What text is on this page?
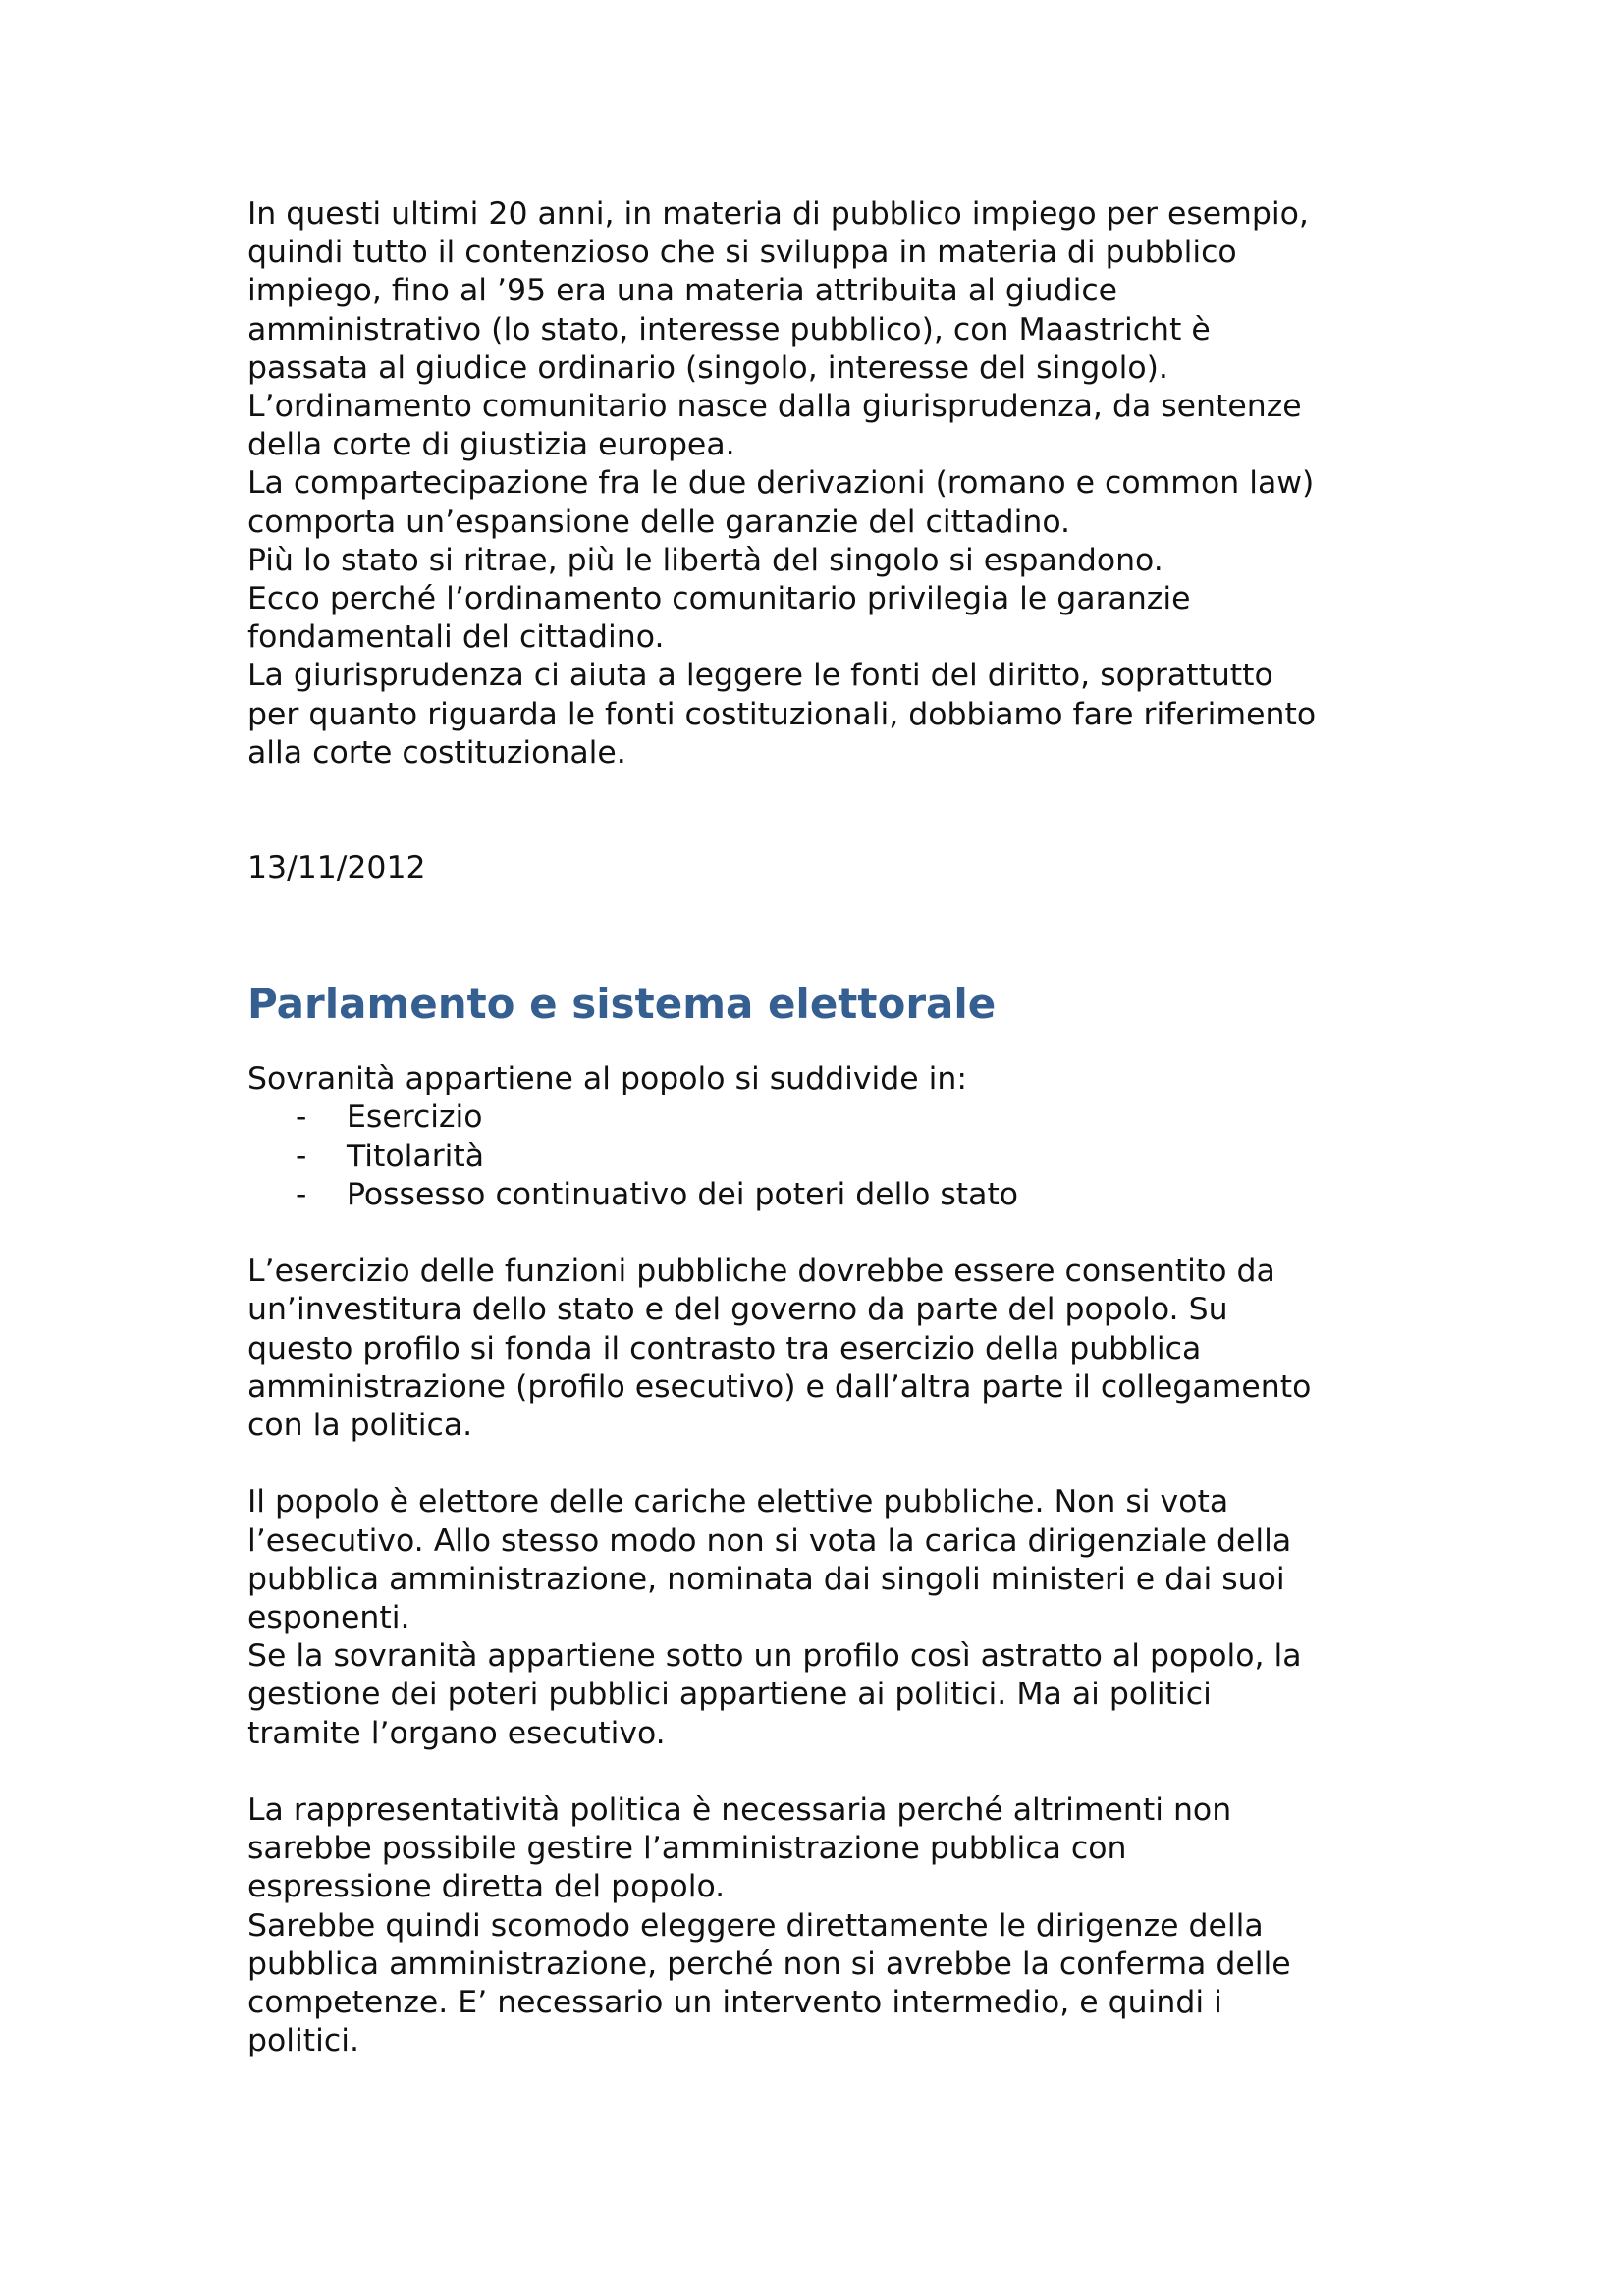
In questi ultimi 20 anni, in materia di pubblico impiego per esempio,
quindi tutto il contenzioso che si sviluppa in materia di pubblico
impiego, fino al ’95 era una materia attribuita al giudice
amministrativo (lo stato, interesse pubblico), con Maastricht è
passata al giudice ordinario (singolo, interesse del singolo).
L’ordinamento comunitario nasce dalla giurisprudenza, da sentenze
della corte di giustizia europea.
La compartecipazione fra le due derivazioni (romano e common law)
comporta un’espansione delle garanzie del cittadino.
Più lo stato si ritrae, più le libertà del singolo si espandono.
Ecco perché l’ordinamento comunitario privilegia le garanzie
fondamentali del cittadino.
La giurisprudenza ci aiuta a leggere le fonti del diritto, soprattutto
per quanto riguarda le fonti costituzionali, dobbiamo fare riferimento
alla corte costituzionale.
13/11/2012
Parlamento e sistema elettorale
Sovranità appartiene al popolo si suddivide in:
-	Esercizio
-	Titolarità
-	Possesso continuativo dei poteri dello stato
L’esercizio delle funzioni pubbliche dovrebbe essere consentito da
un’investitura dello stato e del governo da parte del popolo. Su
questo profilo si fonda il contrasto tra esercizio della pubblica
amministrazione (profilo esecutivo) e dall’altra parte il collegamento
con la politica.
Il popolo è elettore delle cariche elettive pubbliche. Non si vota
l’esecutivo. Allo stesso modo non si vota la carica dirigenziale della
pubblica amministrazione, nominata dai singoli ministeri e dai suoi
esponenti.
Se la sovranità appartiene sotto un profilo così astratto al popolo, la
gestione dei poteri pubblici appartiene ai politici. Ma ai politici
tramite l’organo esecutivo.
La rappresentatività politica è necessaria perché altrimenti non
sarebbe possibile gestire l’amministrazione pubblica con
espressione diretta del popolo.
Sarebbe quindi scomodo eleggere direttamente le dirigenze della
pubblica amministrazione, perché non si avrebbe la conferma delle
competenze. E’ necessario un intervento intermedio, e quindi i
politici.
